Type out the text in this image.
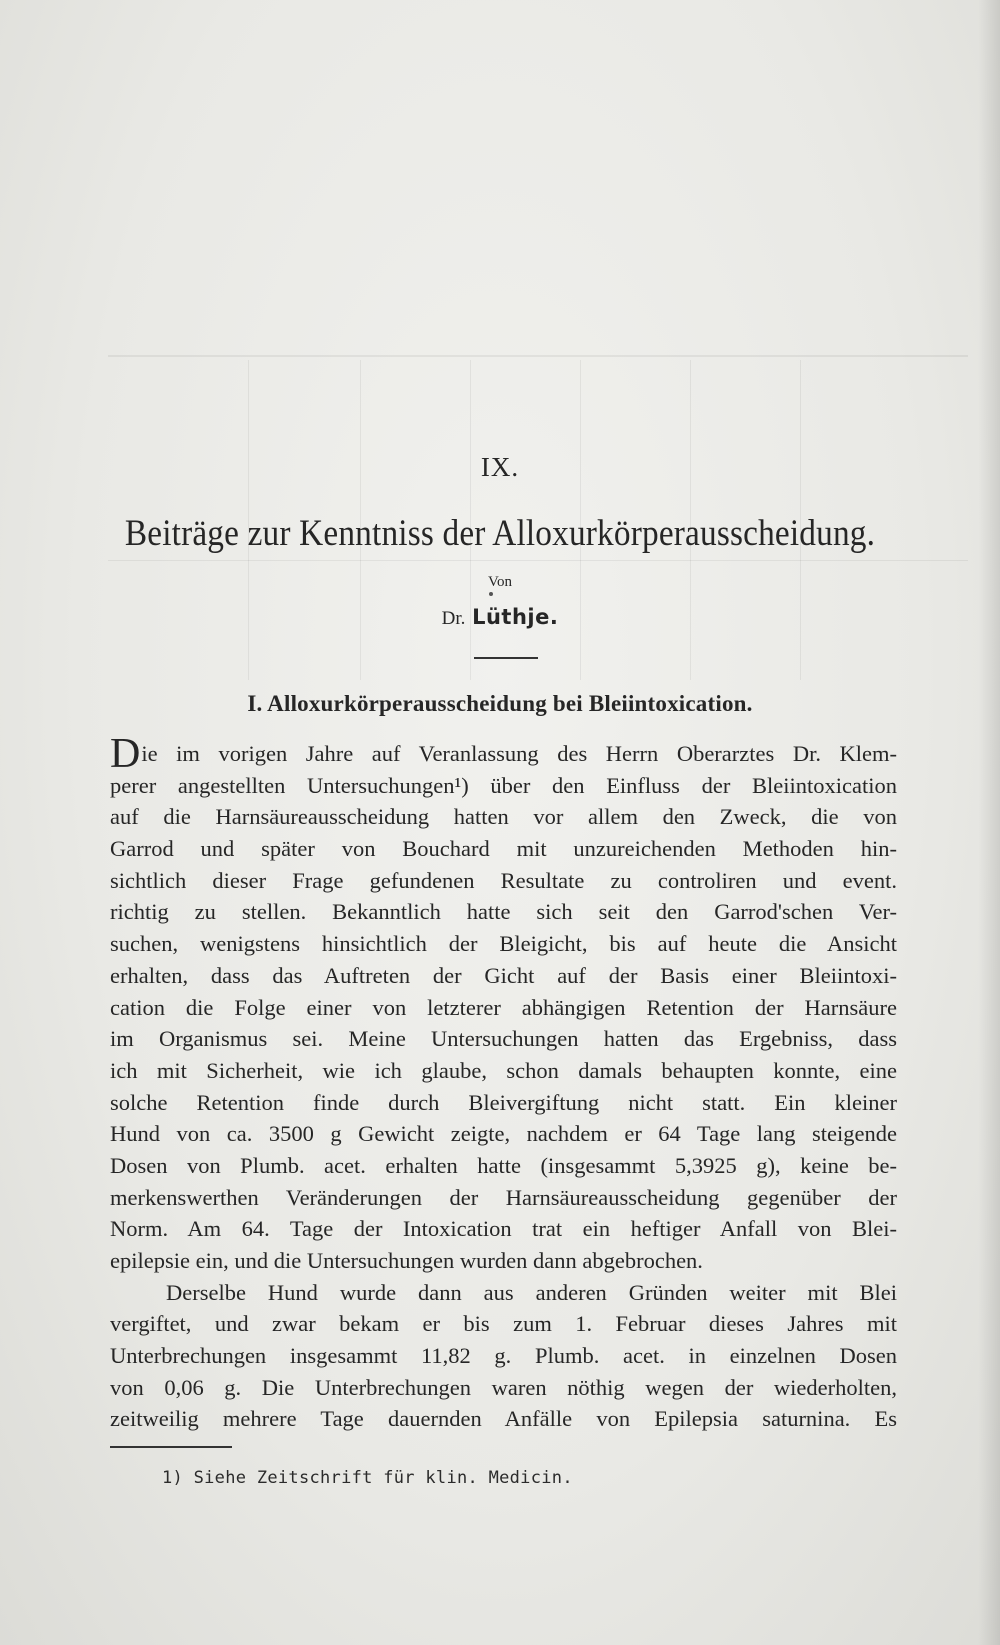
IX.
Beiträge zur Kenntniss der Alloxurkörperausscheidung.
Von
Dr. Lüthje.
I. Alloxurkörperausscheidung bei Bleiintoxication.
Die im vorigen Jahre auf Veranlassung des Herrn Oberarztes Dr. Klem-
perer angestellten Untersuchungen¹) über den Einfluss der Bleiintoxication
auf die Harnsäureausscheidung hatten vor allem den Zweck, die von
Garrod und später von Bouchard mit unzureichenden Methoden hin-
sichtlich dieser Frage gefundenen Resultate zu controliren und event.
richtig zu stellen. Bekanntlich hatte sich seit den Garrod'schen Ver-
suchen, wenigstens hinsichtlich der Bleigicht, bis auf heute die Ansicht
erhalten, dass das Auftreten der Gicht auf der Basis einer Bleiintoxi-
cation die Folge einer von letzterer abhängigen Retention der Harnsäure
im Organismus sei. Meine Untersuchungen hatten das Ergebniss, dass
ich mit Sicherheit, wie ich glaube, schon damals behaupten konnte, eine
solche Retention finde durch Bleivergiftung nicht statt. Ein kleiner
Hund von ca. 3500 g Gewicht zeigte, nachdem er 64 Tage lang steigende
Dosen von Plumb. acet. erhalten hatte (insgesammt 5,3925 g), keine be-
merkenswerthen Veränderungen der Harnsäureausscheidung gegenüber der
Norm. Am 64. Tage der Intoxication trat ein heftiger Anfall von Blei-
epilepsie ein, und die Untersuchungen wurden dann abgebrochen.
Derselbe Hund wurde dann aus anderen Gründen weiter mit Blei
vergiftet, und zwar bekam er bis zum 1. Februar dieses Jahres mit
Unterbrechungen insgesammt 11,82 g. Plumb. acet. in einzelnen Dosen
von 0,06 g. Die Unterbrechungen waren nöthig wegen der wiederholten,
zeitweilig mehrere Tage dauernden Anfälle von Epilepsia saturnina. Es
1) Siehe Zeitschrift für klin. Medicin.
